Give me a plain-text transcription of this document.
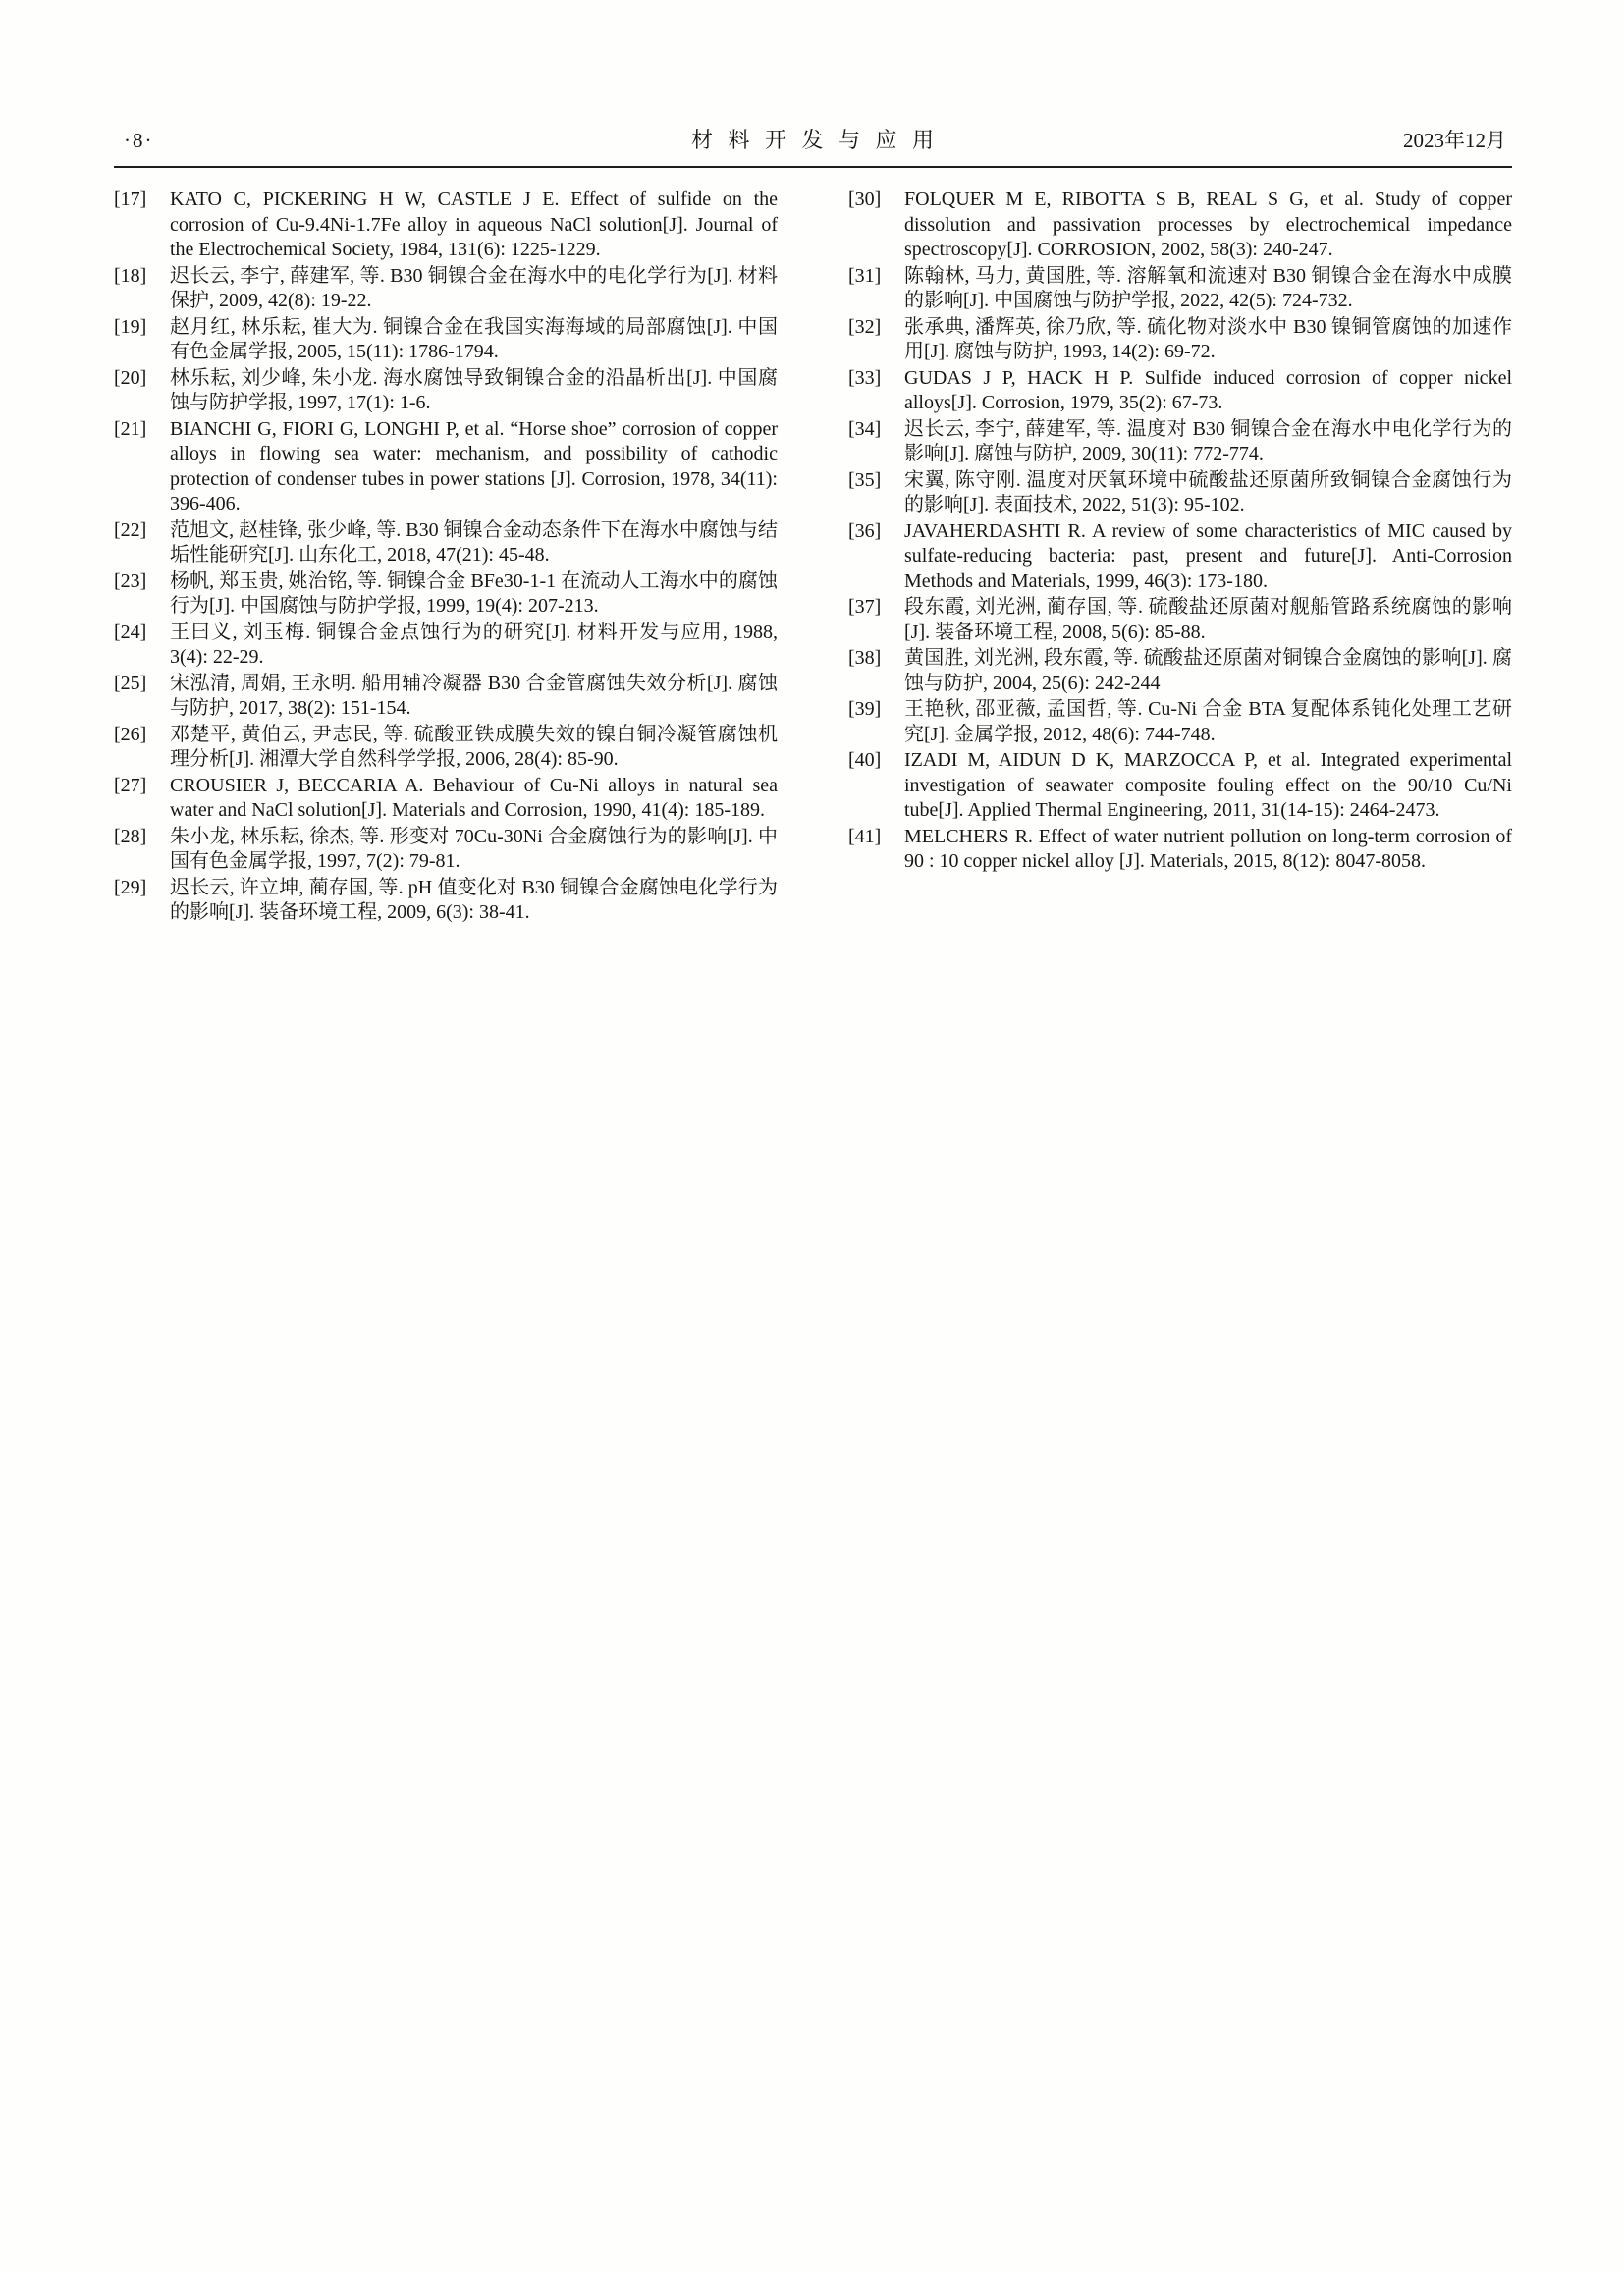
·8·	材 料 开 发 与 应 用	2023年12月
[17] KATO C, PICKERING H W, CASTLE J E. Effect of sulfide on the corrosion of Cu-9.4Ni-1.7Fe alloy in aqueous NaCl solution[J]. Journal of the Electrochemical Society, 1984, 131(6): 1225-1229.
[18] 迟长云, 李宁, 薛建军, 等. B30 铜镍合金在海水中的电化学行为[J]. 材料保护, 2009, 42(8): 19-22.
[19] 赵月红, 林乐耘, 崔大为. 铜镍合金在我国实海海域的局部腐蚀[J]. 中国有色金属学报, 2005, 15(11): 1786-1794.
[20] 林乐耘, 刘少峰, 朱小龙. 海水腐蚀导致铜镍合金的沿晶析出[J]. 中国腐蚀与防护学报, 1997, 17(1): 1-6.
[21] BIANCHI G, FIORI G, LONGHI P, et al. “Horse shoe” corrosion of copper alloys in flowing sea water: mechanism, and possibility of cathodic protection of condenser tubes in power stations [J]. Corrosion, 1978, 34(11): 396-406.
[22] 范旭文, 赵桂锋, 张少峰, 等. B30 铜镍合金动态条件下在海水中腐蚀与结垢性能研究[J]. 山东化工, 2018, 47(21): 45-48.
[23] 杨帆, 郑玉贵, 姚治铭, 等. 铜镍合金 BFe30-1-1 在流动人工海水中的腐蚀行为[J]. 中国腐蚀与防护学报, 1999, 19(4): 207-213.
[24] 王曰义, 刘玉梅. 铜镍合金点蚀行为的研究[J]. 材料开发与应用, 1988, 3(4): 22-29.
[25] 宋泓清, 周娟, 王永明. 船用辅冷凝器 B30 合金管腐蚀失效分析[J]. 腐蚀与防护, 2017, 38(2): 151-154.
[26] 邓楚平, 黄伯云, 尹志民, 等. 硫酸亚铁成膜失效的镍白铜冷凝管腐蚀机理分析[J]. 湘潭大学自然科学学报, 2006, 28(4): 85-90.
[27] CROUSIER J, BECCARIA A. Behaviour of Cu-Ni alloys in natural sea water and NaCl solution[J]. Materials and Corrosion, 1990, 41(4): 185-189.
[28] 朱小龙, 林乐耘, 徐杰, 等. 形变对 70Cu-30Ni 合金腐蚀行为的影响[J]. 中国有色金属学报, 1997, 7(2): 79-81.
[29] 迟长云, 许立坤, 蔺存国, 等. pH 值变化对 B30 铜镍合金腐蚀电化学行为的影响[J]. 装备环境工程, 2009, 6(3): 38-41.
[30] FOLQUER M E, RIBOTTA S B, REAL S G, et al. Study of copper dissolution and passivation processes by electrochemical impedance spectroscopy[J]. CORROSION, 2002, 58(3): 240-247.
[31] 陈翰林, 马力, 黄国胜, 等. 溶解氧和流速对 B30 铜镍合金在海水中成膜的影响[J]. 中国腐蚀与防护学报, 2022, 42(5): 724-732.
[32] 张承典, 潘辉英, 徐乃欣, 等. 硫化物对淡水中 B30 镍铜管腐蚀的加速作用[J]. 腐蚀与防护, 1993, 14(2): 69-72.
[33] GUDAS J P, HACK H P. Sulfide induced corrosion of copper nickel alloys[J]. Corrosion, 1979, 35(2): 67-73.
[34] 迟长云, 李宁, 薛建军, 等. 温度对 B30 铜镍合金在海水中电化学行为的影响[J]. 腐蚀与防护, 2009, 30(11): 772-774.
[35] 宋翼, 陈守刚. 温度对厌氧环境中硫酸盐还原菌所致铜镍合金腐蚀行为的影响[J]. 表面技术, 2022, 51(3): 95-102.
[36] JAVAHERDASHTI R. A review of some characteristics of MIC caused by sulfate-reducing bacteria: past, present and future[J]. Anti-Corrosion Methods and Materials, 1999, 46(3): 173-180.
[37] 段东霞, 刘光洲, 蔺存国, 等. 硫酸盐还原菌对舰船管路系统腐蚀的影响[J]. 装备环境工程, 2008, 5(6): 85-88.
[38] 黄国胜, 刘光洲, 段东霞, 等. 硫酸盐还原菌对铜镍合金腐蚀的影响[J]. 腐蚀与防护, 2004, 25(6): 242-244
[39] 王艳秋, 邵亚薇, 孟国哲, 等. Cu-Ni 合金 BTA 复配体系钝化处理工艺研究[J]. 金属学报, 2012, 48(6): 744-748.
[40] IZADI M, AIDUN D K, MARZOCCA P, et al. Integrated experimental investigation of seawater composite fouling effect on the 90/10 Cu/Ni tube[J]. Applied Thermal Engineering, 2011, 31(14-15): 2464-2473.
[41] MELCHERS R. Effect of water nutrient pollution on long-term corrosion of 90 : 10 copper nickel alloy [J]. Materials, 2015, 8(12): 8047-8058.
